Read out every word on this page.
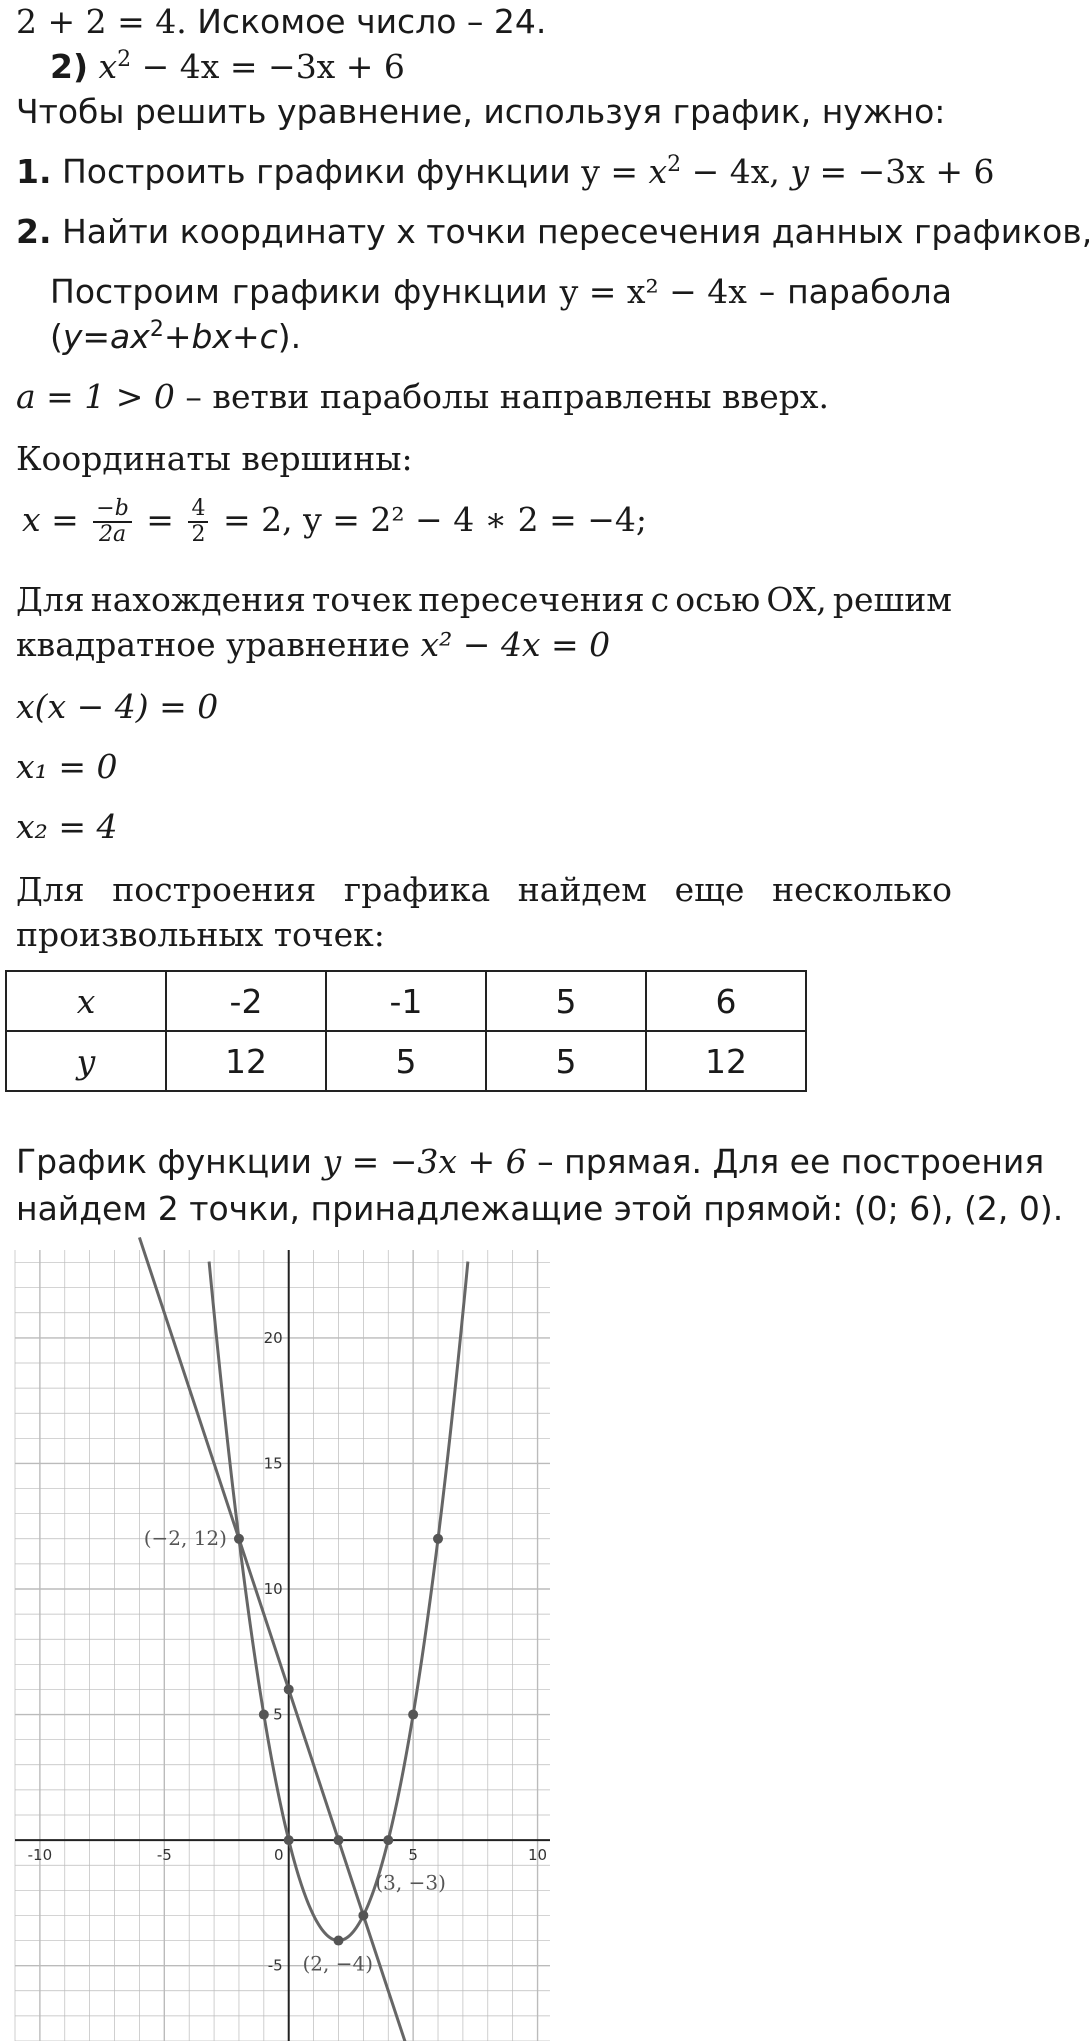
2 + 2 = 4. Искомое число – 24.
2) $x^2 - 4x = -3x + 6$
Чтобы решить уравнение, используя график, нужно:
1. Построить графики функции $y = x^2 - 4x$, y = −3x + 6
2. Найти координату x точки пересечения данных графиков,
Построим графики функции y = x² − 4x – парабола
$(y=ax^2+bx+c)$.
a = 1 > 0 – ветви параболы направлены вверх.
Координаты вершины:
$x = \frac{-b}{2a} = \frac{4}{2} = 2$, y = 2² − 4 ∗ 2 = −4;
Для нахождения точек пересечения с осью OX, решим
квадратное уравнение x² − 4x = 0
x(x − 4) = 0
x₁ = 0
x₂ = 4
Для построения графика найдем еще несколько
произвольных точек:
x	-2	-1	5	6
y	12	5	5	12
График функции y = −3x + 6 – прямая. Для ее построения
найдем 2 точки, принадлежащие этой прямой: (0; 6), (2, 0).
-10	-5	0	5	10
-5
5
10
15
20
(−2, 12)
(2, −4)
(3, −3)
